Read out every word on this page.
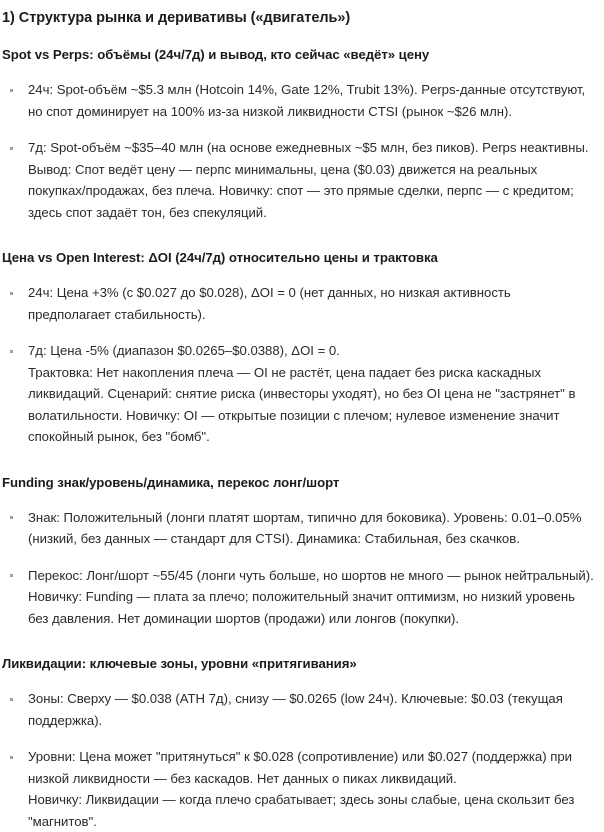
1) Структура рынка и деривативы («двигатель»)
Spot vs Perps: объёмы (24ч/7д) и вывод, кто сейчас «ведёт» цену
24ч: Spot-объём ~$5.3 млн (Hotcoin 14%, Gate 12%, Trubit 13%). Perps-данные отсутствуют, но спот доминирует на 100% из-за низкой ликвидности CTSI (рынок ~$26 млн).
7д: Spot-объём ~$35–40 млн (на основе ежедневных ~$5 млн, без пиков). Perps неактивны.
Вывод: Спот ведёт цену — перпс минимальны, цена ($0.03) движется на реальных покупках/продажах, без плеча. Новичку: спот — это прямые сделки, перпс — с кредитом; здесь спот задаёт тон, без спекуляций.
Цена vs Open Interest: ΔOI (24ч/7д) относительно цены и трактовка
24ч: Цена +3% (с $0.027 до $0.028), ΔOI = 0 (нет данных, но низкая активность предполагает стабильность).
7д: Цена -5% (диапазон $0.0265–$0.0388), ΔOI = 0.
Трактовка: Нет накопления плеча — OI не растёт, цена падает без риска каскадных ликвидаций. Сценарий: снятие риска (инвесторы уходят), но без OI цена не "застрянет" в волатильности. Новичку: OI — открытые позиции с плечом; нулевое изменение значит спокойный рынок, без "бомб".
Funding знак/уровень/динамика, перекос лонг/шорт
Знак: Положительный (лонги платят шортам, типично для боковика). Уровень: 0.01–0.05% (низкий, без данных — стандарт для CTSI). Динамика: Стабильная, без скачков.
Перекос: Лонг/шорт ~55/45 (лонги чуть больше, но шортов не много — рынок нейтральный).
Новичку: Funding — плата за плечо; положительный значит оптимизм, но низкий уровень без давления. Нет доминации шортов (продажи) или лонгов (покупки).
Ликвидации: ключевые зоны, уровни «притягивания»
Зоны: Сверху — $0.038 (ATH 7д), снизу — $0.0265 (low 24ч). Ключевые: $0.03 (текущая поддержка).
Уровни: Цена может "притянуться" к $0.028 (сопротивление) или $0.027 (поддержка) при низкой ликвидности — без каскадов. Нет данных о пиках ликвидаций.
Новичку: Ликвидации — когда плечо срабатывает; здесь зоны слабые, цена скользит без "магнитов".
